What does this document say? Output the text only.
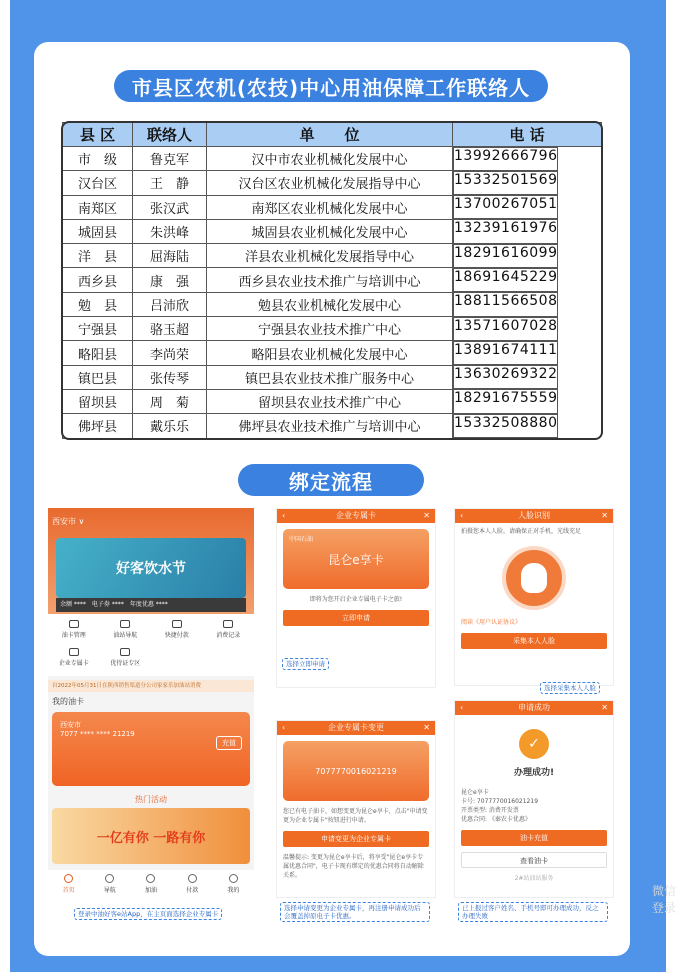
市县区农机(农技)中心用油保障工作联络人
县 区	联络人	单　　位	电 话
市　级	鲁克军	汉中市农业机械化发展中心		13992666796

汉台区	王　静	汉台区农业机械化发展指导中心	15332501569

南郑区	张汉武	南郑区农业机械化发展中心		13700267051

城固县	朱洪峰	城固县农业机械化发展中心		13239161976

洋　县	屈海陆	洋县农业机械化发展指导中心		18291616099

西乡县	康　强	西乡县农业技术推广与培训中心	18691645229

勉　县	吕沛欣	勉县农业机械化发展中心		18811566508

宁强县	骆玉超	宁强县农业技术推广中心		13571607028

略阳县	李尚荣	略阳县农业机械化发展中心		13891674111

镇巴县	张传琴	镇巴县农业技术推广服务中心		13630269322

留坝县	周　菊	留坝县农业技术推广中心		18291675559

佛坪县	戴乐乐	佛坪县农业技术推广与培训中心	15332508880
绑定流程
西安市 ∨
好客饮水节
余额 ****　电子券 ****　年度优惠 ****
油卡管理	油站导航	快捷付款	消费记录
企业专属卡	优待证专区
自2022年05月31日在陕西销售渠道分公司家家乐加油站消费
我的油卡
西安市
7077 **** **** 21219
充值
热门活动
一亿有你 一路有你
首页	导航	加油	付款	我的
登录中油好客e站App，在主页面选择企业专属卡
‹	企业专属卡	✕
中国石油
昆仑e享卡
即将为您开启企业专属电子卡之旅!
立即申请
选择立即申请
‹	企业专属卡变更	✕
7077770016021219
您已有电子油卡，如想变更为昆仑e享卡，点击"申请变更为企业专属卡"按钮进行申请。
申请变更为企业专属卡
温馨提示: 变更为昆仑e享卡后，将享受"昆仑e享卡专属优惠合同"，电子卡现有绑定的优惠合同将自动解除关系。
选择申请变更为企业专属卡，再注册申请成功后会覆盖掉原电子卡优惠。
‹	人脸识别	✕
拍摄您本人人脸，请确保正对手机，光线充足
阅读《用户认证协议》
采集本人人脸
选择采集本人人脸
‹	申请成功	✕
✓
办理成功!
昆仑e享卡
卡号: 7077770016021219
开票类型: 消费开发票
优惠合同: 《秦农卡优惠》
油卡充值
查看油卡
2#站油站服务
已上报过客户姓名、手机号即可办理成功，反之办理失败
微信登录
